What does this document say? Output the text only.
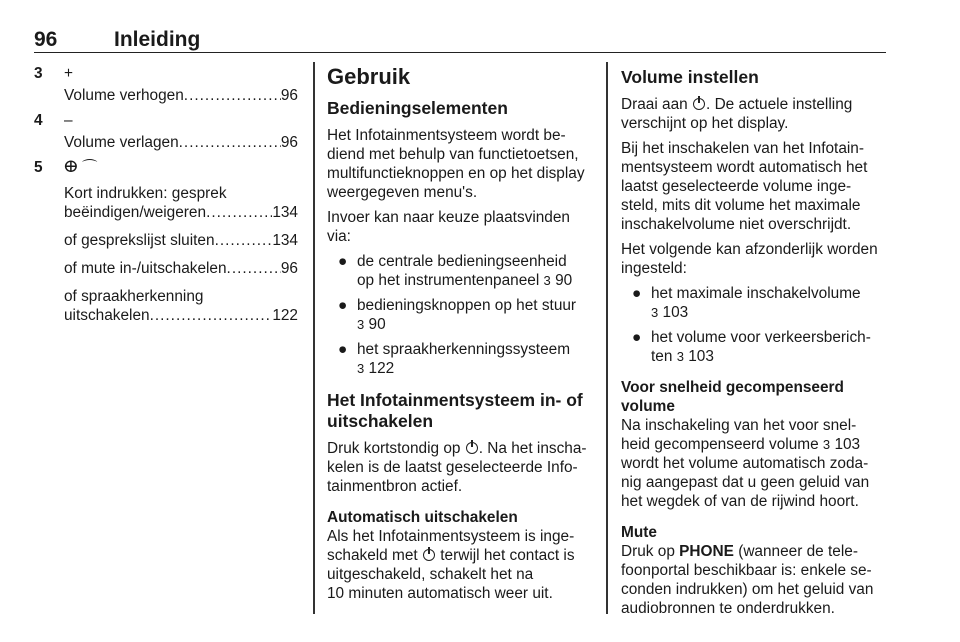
96	Inleiding
3 +
Volume verhogen .....	96
4 –
Volume verlagen .....	96
5 ⴲ ⌒
Kort indrukken: gesprek
beëindigen/weigeren .....	134
of gesprekslijst sluiten .....	134
of mute in-/uitschakelen .....	96
of spraakherkenning
uitschakelen .....	122
Gebruik
Bedieningselementen

Het Infotainmentsysteem wordt be-
diend met behulp van functietoetsen,
multifunctieknoppen en op het display
weergegeven menu's.

Invoer kan naar keuze plaatsvinden
via:

● de centrale bedieningseenheid
op het instrumentenpaneel 3 90
● bedieningsknoppen op het stuur
3 90
● het spraakherkenningssysteem
3 122
Het Infotainmentsysteem in- of
uitschakelen

Druk kortstondig op . Na het inscha-
kelen is de laatst geselecteerde Info-
tainmentbron actief.

Automatisch uitschakelen

Als het Infotainmentsysteem is inge-
schakeld met terwijl het contact is
uitgeschakeld, schakelt het na
10 minuten automatisch weer uit.

Volume instellen

Draai aan . De actuele instelling
verschijnt op het display.

Bij het inschakelen van het Infotain-
mentsysteem wordt automatisch het
laatst geselecteerde volume inge-
steld, mits dit volume het maximale
inschakelvolume niet overschrijdt.

Het volgende kan afzonderlijk worden
ingesteld:

● het maximale inschakelvolume
3 103
● het volume voor verkeersberich-
ten 3 103
Voor snelheid gecompenseerd
volume

Na inschakeling van het voor snel-
heid gecompenseerd volume 3 103
wordt het volume automatisch zoda-
nig aangepast dat u geen geluid van
het wegdek of van de rijwind hoort.

Mute

Druk op PHONE (wanneer de tele-
foonportal beschikbaar is: enkele se-
conden indrukken) om het geluid van
audiobronnen te onderdrukken.
